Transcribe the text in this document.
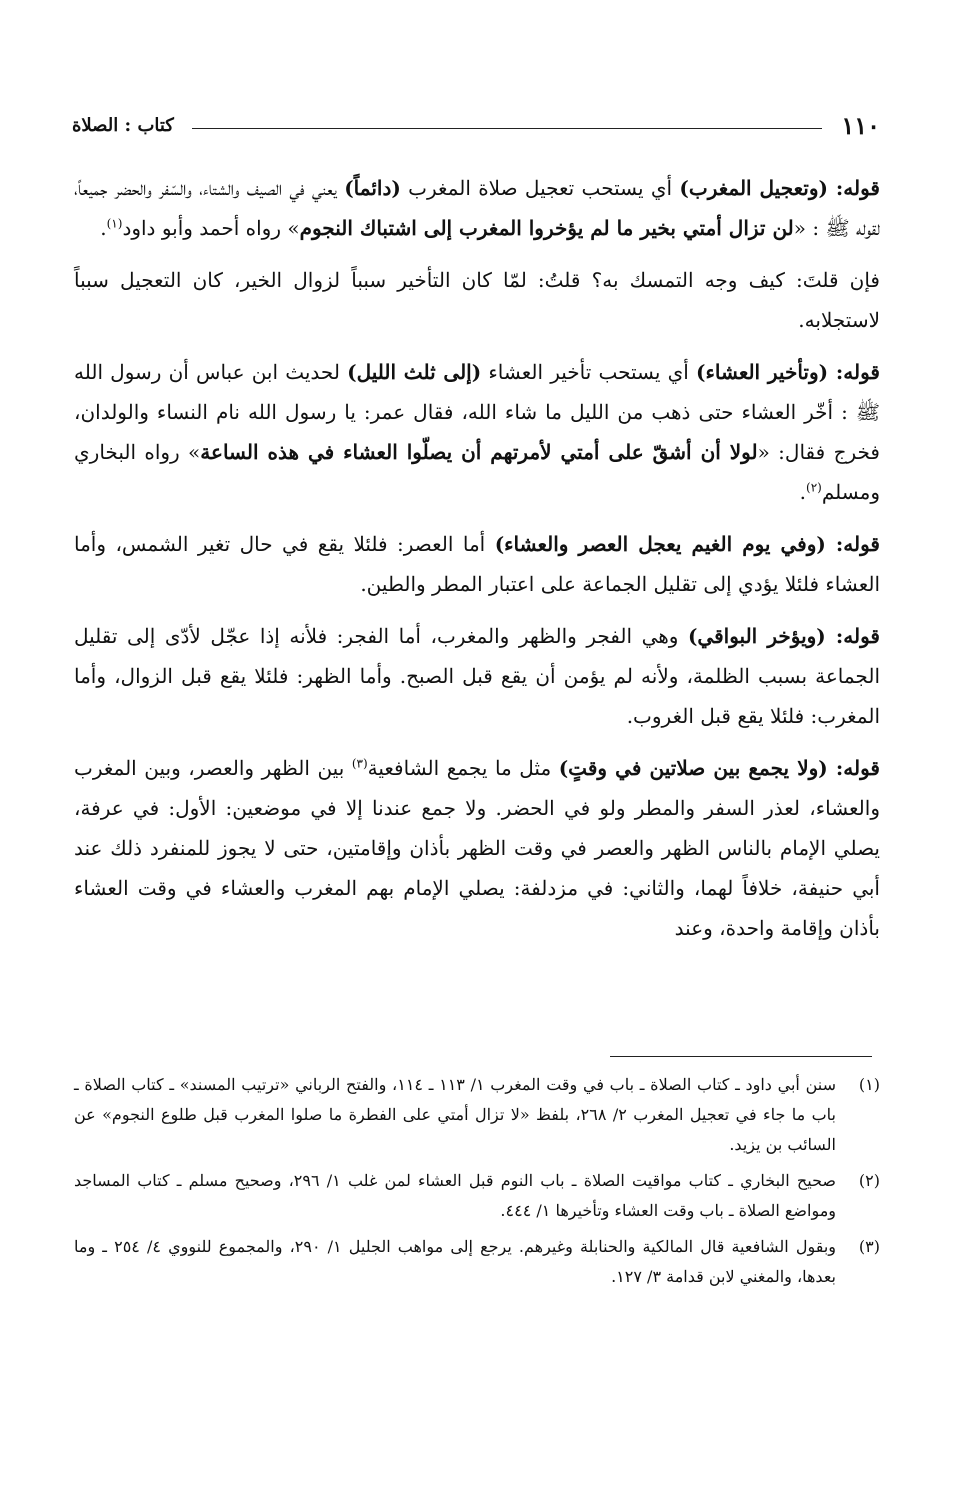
١١٠
كتاب : الصلاة

قوله: (وتعجيل المغرب) أي يستحب تعجيل صلاة المغرب (دائماً) يعني في الصيف والشتاء، والسّفر والحضر جميعاً، لقوله ﷺ : «لن تزال أمتي بخير ما لم يؤخروا المغرب إلى اشتباك النجوم» رواه أحمد وأبو داود$^{(١)}$.

فإن قلتَ: كيف وجه التمسك به؟ قلتُ: لمّا كان التأخير سبباً لزوال الخير، كان التعجيل سبباً لاستجلابه.

قوله: (وتأخير العشاء) أي يستحب تأخير العشاء (إلى ثلث الليل) لحديث ابن عباس أن رسول الله ﷺ : أخّر العشاء حتى ذهب من الليل ما شاء الله، فقال عمر: يا رسول الله نام النساء والولدان، فخرج فقال: «لولا أن أشقّ على أمتي لأمرتهم أن يصلّوا العشاء في هذه الساعة» رواه البخاري ومسلم$^{(٢)}$.

قوله: (وفي يوم الغيم يعجل العصر والعشاء) أما العصر: فلئلا يقع في حال تغير الشمس، وأما العشاء فلئلا يؤدي إلى تقليل الجماعة على اعتبار المطر والطين.

قوله: (ويؤخر البواقي) وهي الفجر والظهر والمغرب، أما الفجر: فلأنه إذا عجّل لأدّى إلى تقليل الجماعة بسبب الظلمة، ولأنه لم يؤمن أن يقع قبل الصبح. وأما الظهر: فلئلا يقع قبل الزوال، وأما المغرب: فلئلا يقع قبل الغروب.

قوله: (ولا يجمع بين صلاتين في وقتٍ) مثل ما يجمع الشافعية$^{(٣)}$ بين الظهر والعصر، وبين المغرب والعشاء، لعذر السفر والمطر ولو في الحضر. ولا جمع عندنا إلا في موضعين: الأول: في عرفة، يصلي الإمام بالناس الظهر والعصر في وقت الظهر بأذان وإقامتين، حتى لا يجوز للمنفرد ذلك عند أبي حنيفة، خلافاً لهما، والثاني: في مزدلفة: يصلي الإمام بهم المغرب والعشاء في وقت العشاء بأذان وإقامة واحدة، وعند

(١)
سنن أبي داود ـ كتاب الصلاة ـ باب في وقت المغرب ١/ ١١٣ ـ ١١٤، والفتح الرباني «ترتيب المسند» ـ كتاب الصلاة ـ باب ما جاء في تعجيل المغرب ٢/ ٢٦٨، بلفظ «لا تزال أمتي على الفطرة ما صلوا المغرب قبل طلوع النجوم» عن السائب بن يزيد.
(٢)
صحيح البخاري ـ كتاب مواقيت الصلاة ـ باب النوم قبل العشاء لمن غلب ١/ ٢٩٦، وصحيح مسلم ـ كتاب المساجد ومواضع الصلاة ـ باب وقت العشاء وتأخيرها ١/ ٤٤٤.
(٣)
وبقول الشافعية قال المالكية والحنابلة وغيرهم. يرجع إلى مواهب الجليل ١/ ٢٩٠، والمجموع للنووي ٤/ ٢٥٤ ـ وما بعدها، والمغني لابن قدامة ٣/ ١٢٧.
